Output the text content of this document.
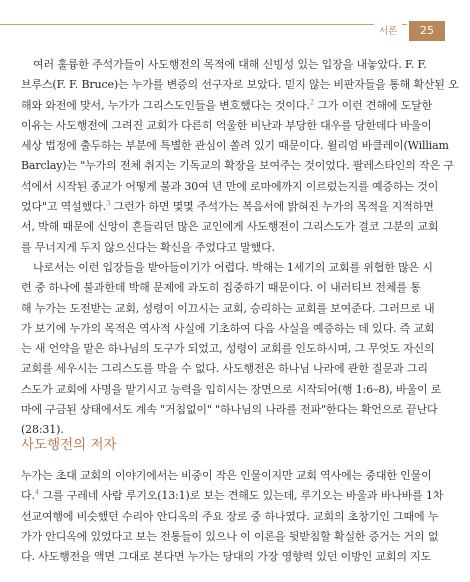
서론	25
여러 훌륭한 주석가들이 사도행전의 목적에 대해 신빙성 있는 입장을 내놓았다. F. F.
브루스(F. F. Bruce)는 누가를 변증의 선구자로 보았다. 믿지 않는 비판자들을 통해 확산된 오
해와 와전에 맞서, 누가가 그리스도인들을 변호했다는 것이다.$^2$ 그가 이런 견해에 도달한
이유는 사도행전에 그려진 교회가 다른히 억울한 비난과 부당한 대우를 당한데다 바울이
세상 법정에 출두하는 부분에 특별한 관심이 쏠려 있기 때문이다. 윌리엄 바클레이(William
Barclay)는 "누가의 전체 취지는 기독교의 확장을 보여주는 것이었다. 팔레스타인의 작은 구
석에서 시작된 종교가 어떻게 불과 30여 년 만에 로마에까지 이르렀는지를 예증하는 것이
었다"고 역설했다.$^3$ 그런가 하면 몇몇 주석가는 복음서에 밝혀진 누가의 목적을 지적하면
서, 박해 때문에 신앙이 흔들리던 많은 교인에게 사도행전이 그리스도가 결코 그분의 교회
를 무너지게 두지 않으신다는 확신을 주었다고 말했다.
나로서는 이런 입장들을 받아들이기가 어렵다. 박해는 1세기의 교회를 위협한 많은 시
련 중 하나에 불과한데 박해 문제에 과도히 집중하기 때문이다. 이 내러티브 전체를 통
해 누가는 도전받는 교회, 성령이 이끄시는 교회, 승리하는 교회를 보여준다. 그러므로 내
가 보기에 누가의 목적은 역사적 사실에 기초하여 다음 사실을 예증하는 데 있다. 즉 교회
는 새 언약을 맡은 하나님의 도구가 되었고, 성령이 교회를 인도하시며, 그 무엇도 자신의
교회를 세우시는 그리스도를 막을 수 없다. 사도행전은 하나님 나라에 관한 질문과 그리
스도가 교회에 사명을 맡기시고 능력을 입히시는 장면으로 시작되어(행 1:6–8), 바울이 로
마에 구금된 상태에서도 계속 "거침없이" "하나님의 나라를 전파"한다는 확언으로 끝난다
(28:31).
사도행전의 저자
누가는 초대 교회의 이야기에서는 비중이 작은 인물이지만 교회 역사에는 중대한 인물이
다.$^4$ 그를 구레네 사람 루기오(13:1)로 보는 견해도 있는데, 루기오는 바울과 바나바를 1차
선교여행에 비슷했던 수리아 안디옥의 주요 장로 중 하나였다. 교회의 초창기인 그때에 누
가가 안디옥에 있었다고 보는 전통들이 있으나 이 이론을 뒷받침할 확실한 증거는 거의 없
다. 사도행전을 액면 그대로 본다면 누가는 당대의 가장 영향력 있던 이방인 교회의 지도
